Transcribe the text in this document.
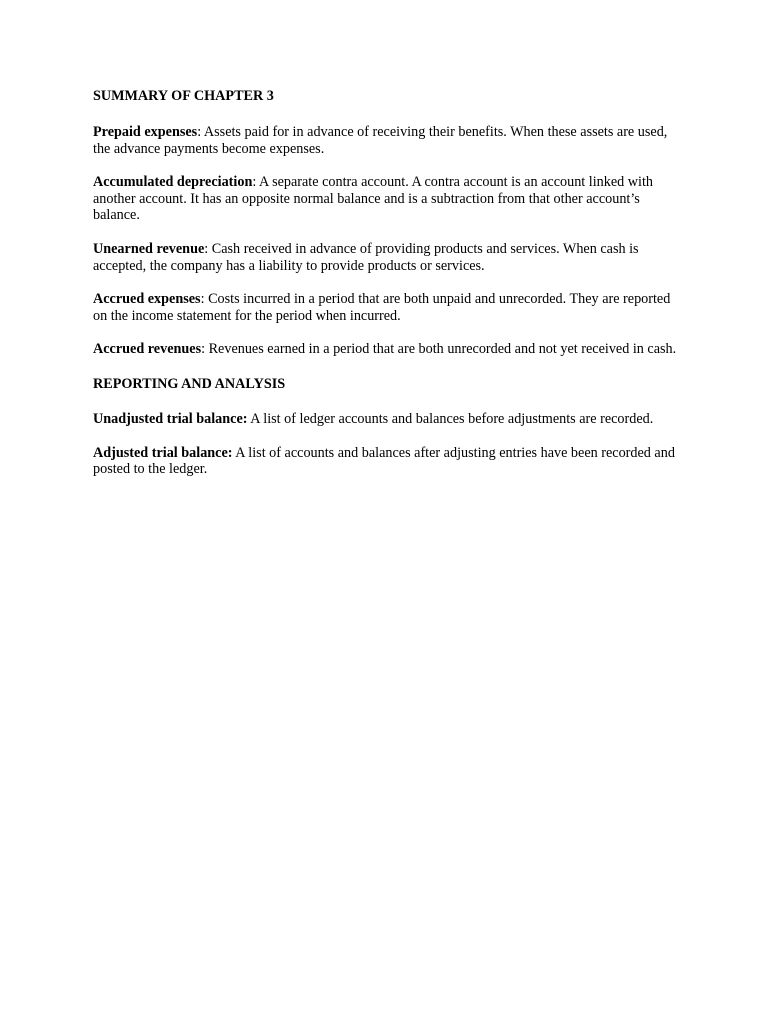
SUMMARY OF CHAPTER 3

Prepaid expenses: Assets paid for in advance of receiving their benefits. When these assets are used, the advance payments become expenses.

Accumulated depreciation: A separate contra account. A contra account is an account linked with another account. It has an opposite normal balance and is a subtraction from that other account’s balance.

Unearned revenue: Cash received in advance of providing products and services. When cash is accepted, the company has a liability to provide products or services.

Accrued expenses: Costs incurred in a period that are both unpaid and unrecorded. They are reported on the income statement for the period when incurred.

Accrued revenues: Revenues earned in a period that are both unrecorded and not yet received in cash.

REPORTING AND ANALYSIS

Unadjusted trial balance: A list of ledger accounts and balances before adjustments are recorded.

Adjusted trial balance: A list of accounts and balances after adjusting entries have been recorded and posted to the ledger.
